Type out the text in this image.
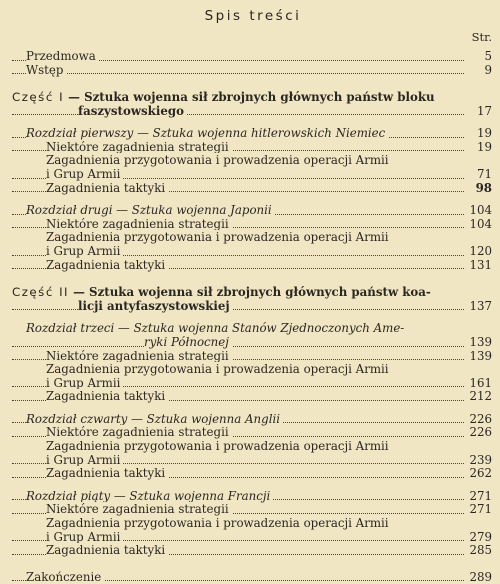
Spis treści
Str.
Przedmowa	5
Wstęp	9
Część I — Sztuka wojenna sił zbrojnych głównych państw bloku
faszystowskiego	17
Rozdział pierwszy — Sztuka wojenna hitlerowskich Niemiec	19
Niektóre zagadnienia strategii	19
Zagadnienia przygotowania i prowadzenia operacji Armii
i Grup Armii	71
Zagadnienia taktyki	98
Rozdział drugi — Sztuka wojenna Japonii	104
Niektóre zagadnienia strategii	104
Zagadnienia przygotowania i prowadzenia operacji Armii
i Grup Armii	120
Zagadnienia taktyki	131
Część II — Sztuka wojenna sił zbrojnych głównych państw koa-
licji antyfaszystowskiej	137
Rozdział trzeci — Sztuka wojenna Stanów Zjednoczonych Ame-
ryki Północnej	139
Niektóre zagadnienia strategii	139
Zagadnienia przygotowania i prowadzenia operacji Armii
i Grup Armii	161
Zagadnienia taktyki	212
Rozdział czwarty — Sztuka wojenna Anglii	226
Niektóre zagadnienia strategii	226
Zagadnienia przygotowania i prowadzenia operacji Armii
i Grup Armii	239
Zagadnienia taktyki	262
Rozdział piąty — Sztuka wojenna Francji	271
Niektóre zagadnienia strategii	271
Zagadnienia przygotowania i prowadzenia operacji Armii
i Grup Armii	279
Zagadnienia taktyki	285
Zakończenie	289
